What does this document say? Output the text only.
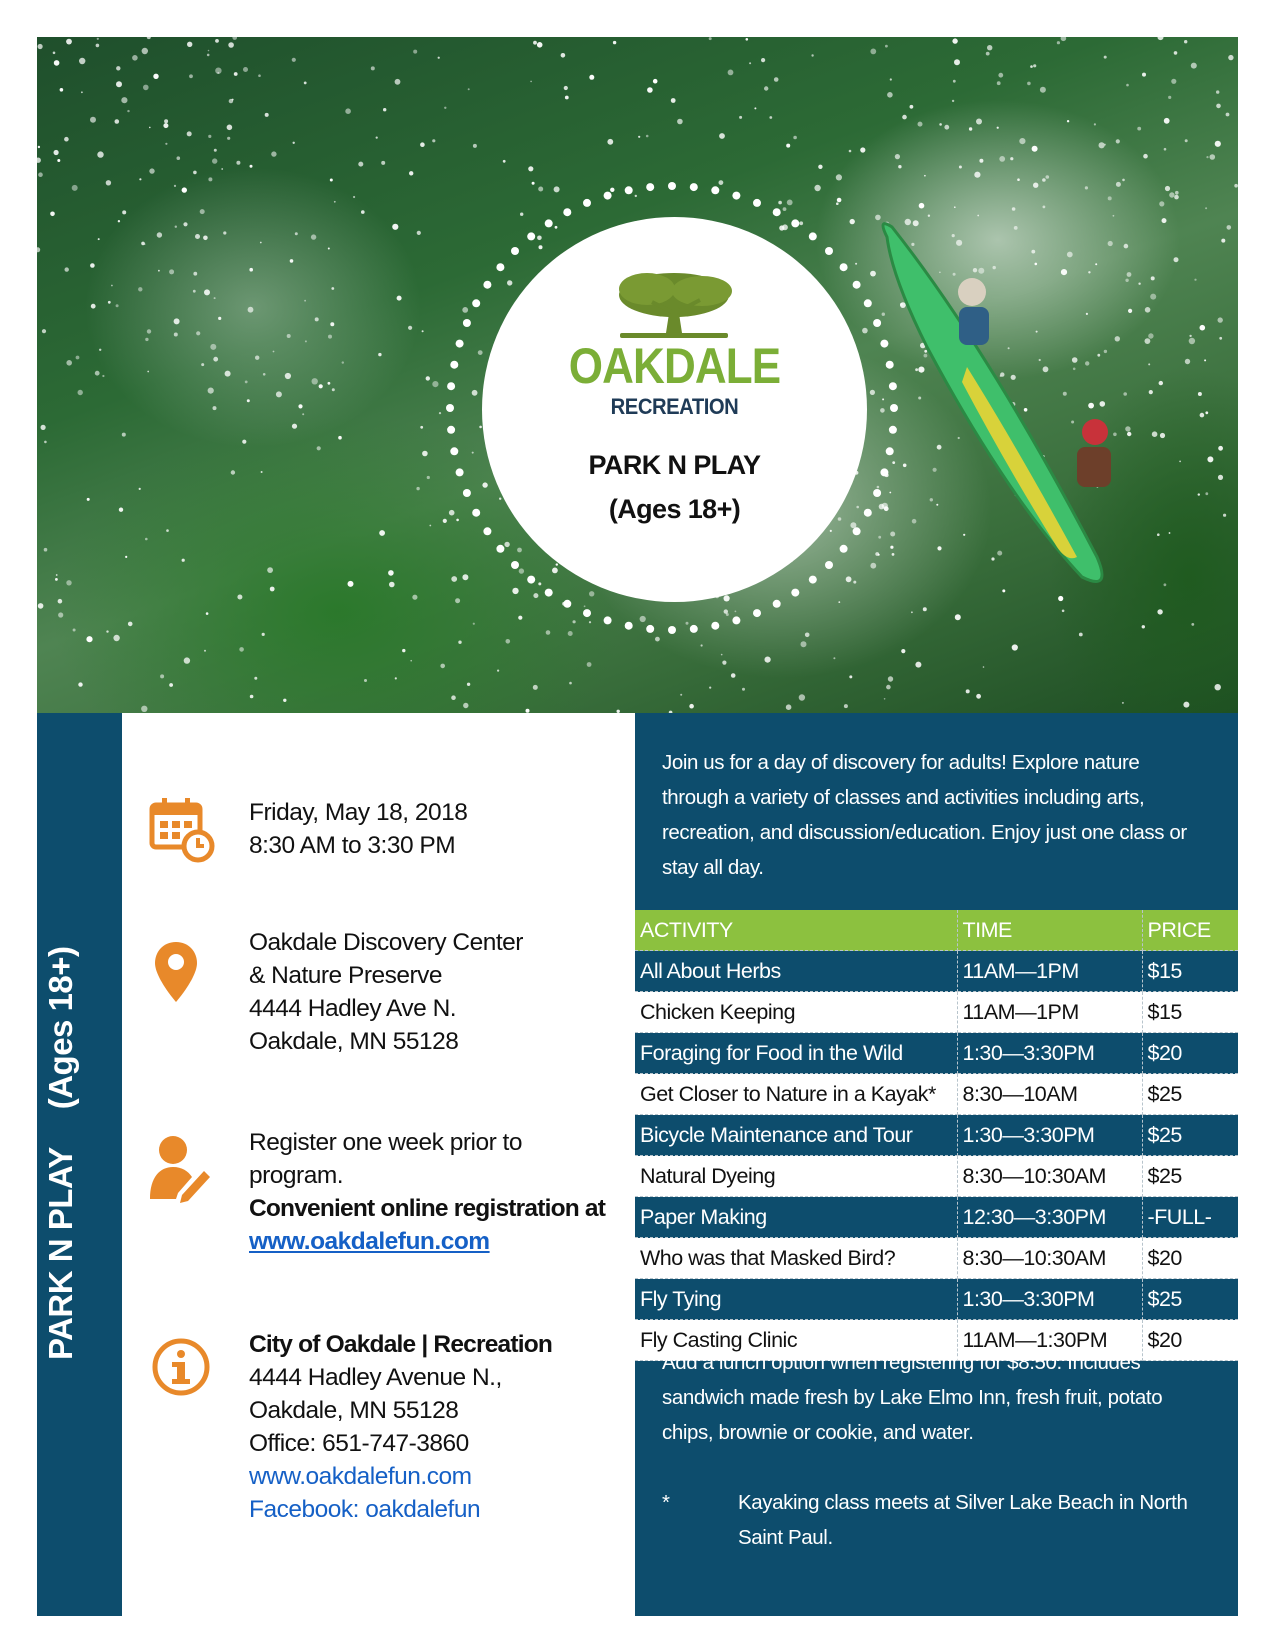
OAKDALE
RECREATION
PARK N PLAY
(Ages 18+)
PARK N PLAY(Ages 18+)
Friday, May 18, 2018
8:30 AM to 3:30 PM
Oakdale Discovery Center
& Nature Preserve
4444 Hadley Ave N.
Oakdale, MN 55128
Register one week prior to
program.
Convenient online registration at
www.oakdalefun.com
City of Oakdale | Recreation
4444 Hadley Avenue N.,
Oakdale, MN 55128
Office: 651-747-3860
www.oakdalefun.com
Facebook: oakdalefun
Join us for a day of discovery for adults! Explore nature through a variety of classes and activities including arts, recreation, and discussion/education. Enjoy just one class or stay all day.
ACTIVITY	TIME	PRICE
All About Herbs	11AM—1PM	$15
Chicken Keeping	11AM—1PM	$15
Foraging for Food in the Wild	1:30—3:30PM	$20
Get Closer to Nature in a Kayak*	8:30—10AM	$25
Bicycle Maintenance and Tour	1:30—3:30PM	$25
Natural Dyeing	8:30—10:30AM	$25
Paper Making	12:30—3:30PM	-FULL-
Who was that Masked Bird?	8:30—10:30AM	$20
Fly Tying	1:30—3:30PM	$25
Fly Casting Clinic	11AM—1:30PM	$20
Add a lunch option when registering for $8.50. Includes sandwich made fresh by Lake Elmo Inn, fresh fruit, potato chips, brownie or cookie, and water.
*	Kayaking class meets at Silver Lake Beach in North Saint Paul.
